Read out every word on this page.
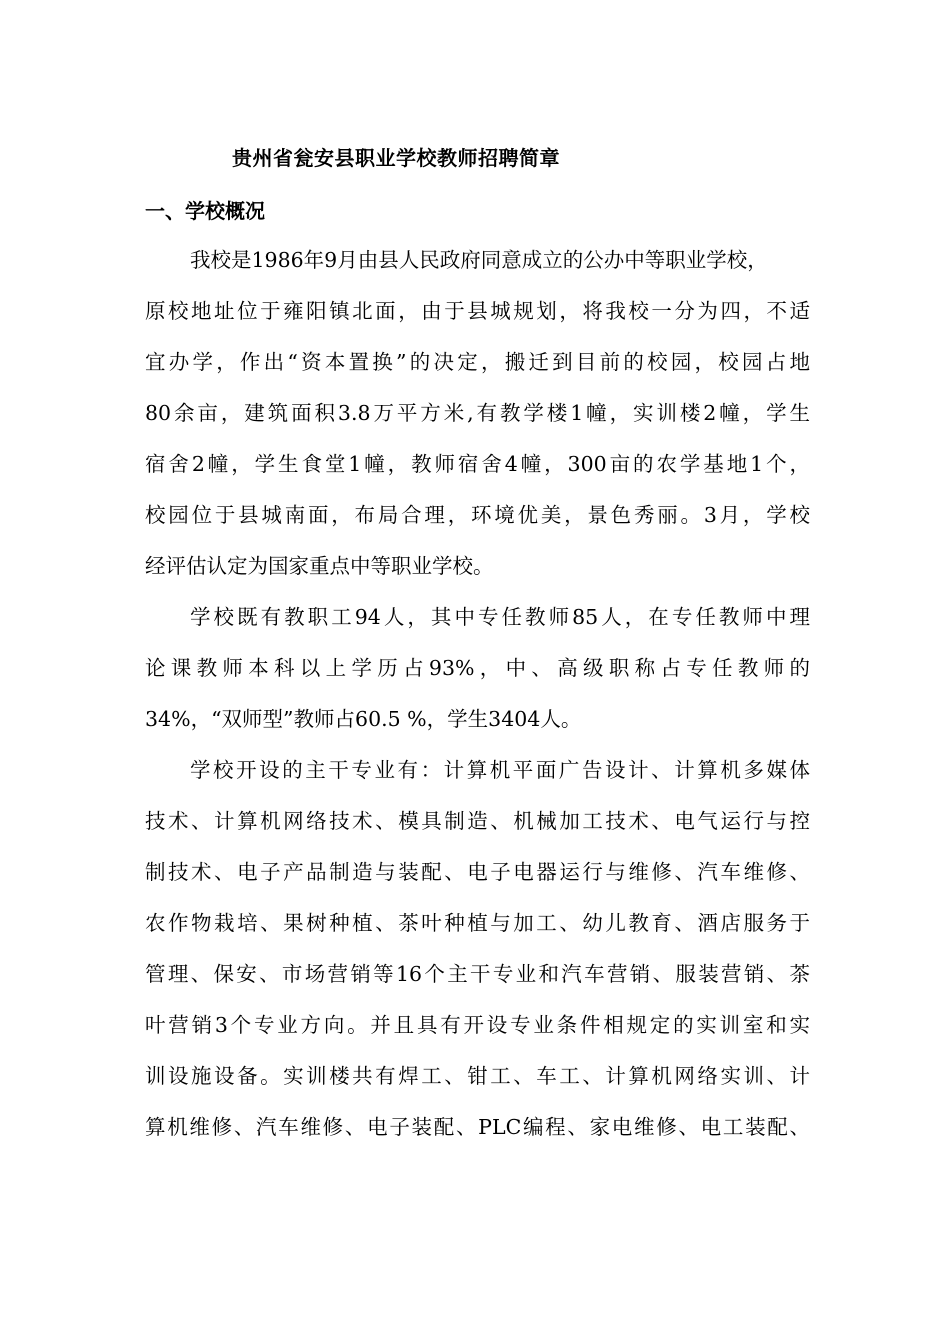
贵州省瓮安县职业学校教师招聘简章
一、学校概况
我校是1986年9月由县人民政府同意成立的公办中等职业学校，
原校地址位于雍阳镇北面，由于县城规划，将我校一分为四，不适
宜办学，作出“资本置换”的决定，搬迁到目前的校园，校园占地
80余亩，建筑面积3.8万平方米,有教学楼1幢，实训楼2幢，学生
宿舍2幢，学生食堂1幢，教师宿舍4幢，300亩的农学基地1个，
校园位于县城南面，布局合理，环境优美，景色秀丽。3月，学校
经评估认定为国家重点中等职业学校。
学校既有教职工94人，其中专任教师85人，在专任教师中理
论课教师本科以上学历占93%，中、高级职称占专任教师的
34%，“双师型”教师占60.5 %，学生3404人。
学校开设的主干专业有：计算机平面广告设计、计算机多媒体
技术、计算机网络技术、模具制造、机械加工技术、电气运行与控
制技术、电子产品制造与装配、电子电器运行与维修、汽车维修、
农作物栽培、果树种植、茶叶种植与加工、幼儿教育、酒店服务于
管理、保安、市场营销等16个主干专业和汽车营销、服装营销、茶
叶营销3个专业方向。并且具有开设专业条件相规定的实训室和实
训设施设备。实训楼共有焊工、钳工、车工、计算机网络实训、计
算机维修、汽车维修、电子装配、PLC编程、家电维修、电工装配、
